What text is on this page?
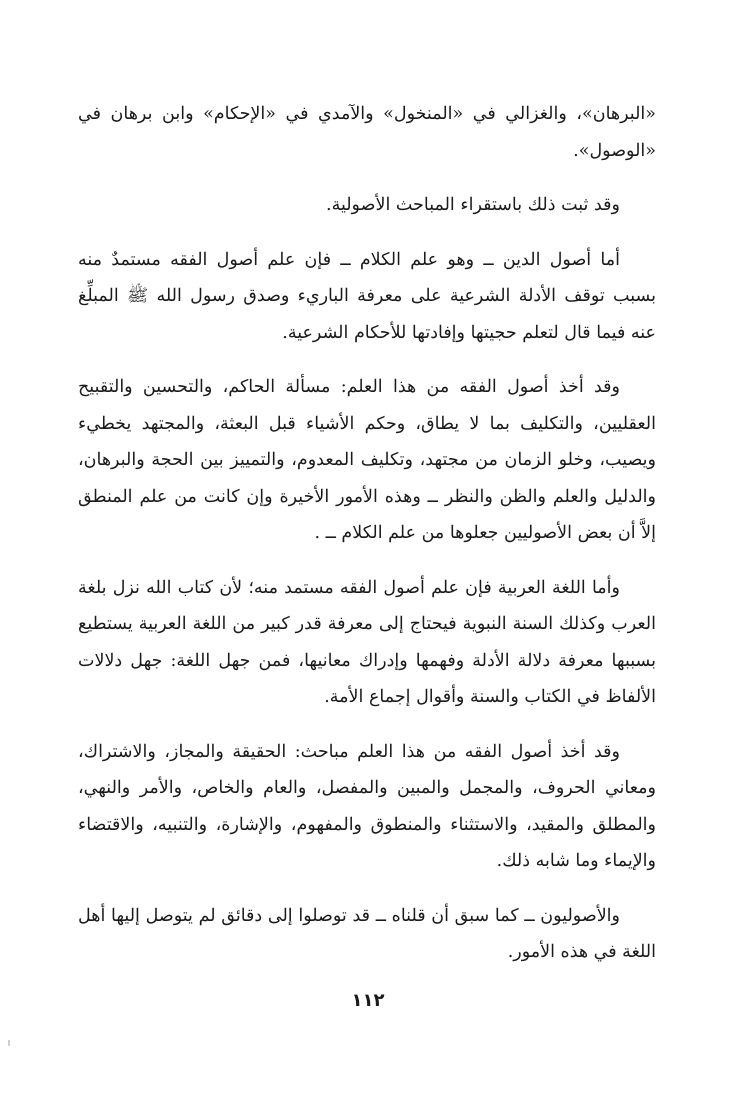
«البرهان»، والغزالي في «المنخول» والآمدي في «الإحكام» وابن برهان في «الوصول».

وقد ثبت ذلك باستقراء المباحث الأصولية.

أما أصول الدين ــ وهو علم الكلام ــ فإن علم أصول الفقه مستمدٌ منه بسبب توقف الأدلة الشرعية على معرفة الباريء وصدق رسول الله ﷺ المبلِّغ عنه فيما قال لتعلم حجيتها وإفادتها للأحكام الشرعية.

وقد أخذ أصول الفقه من هذا العلم: مسألة الحاكم، والتحسين والتقبيح العقليين، والتكليف بما لا يطاق، وحكم الأشياء قبل البعثة، والمجتهد يخطيء ويصيب، وخلو الزمان من مجتهد، وتكليف المعدوم، والتمييز بين الحجة والبرهان، والدليل والعلم والظن والنظر ــ وهذه الأمور الأخيرة وإن كانت من علم المنطق إلاَّ أن بعض الأصوليين جعلوها من علم الكلام ــ .

وأما اللغة العربية فإن علم أصول الفقه مستمد منه؛ لأن كتاب الله نزل بلغة العرب وكذلك السنة النبوية فيحتاج إلى معرفة قدر كبير من اللغة العربية يستطيع بسببها معرفة دلالة الأدلة وفهمها وإدراك معانيها، فمن جهل اللغة: جهل دلالات الألفاظ في الكتاب والسنة وأقوال إجماع الأمة.

وقد أخذ أصول الفقه من هذا العلم مباحث: الحقيقة والمجاز، والاشتراك، ومعاني الحروف، والمجمل والمبين والمفصل، والعام والخاص، والأمر والنهي، والمطلق والمقيد، والاستثناء والمنطوق والمفهوم، والإشارة، والتنبيه، والاقتضاء والإيماء وما شابه ذلك.

والأصوليون ــ كما سبق أن قلناه ــ قد توصلوا إلى دقائق لم يتوصل إليها أهل اللغة في هذه الأمور.

١١٢
